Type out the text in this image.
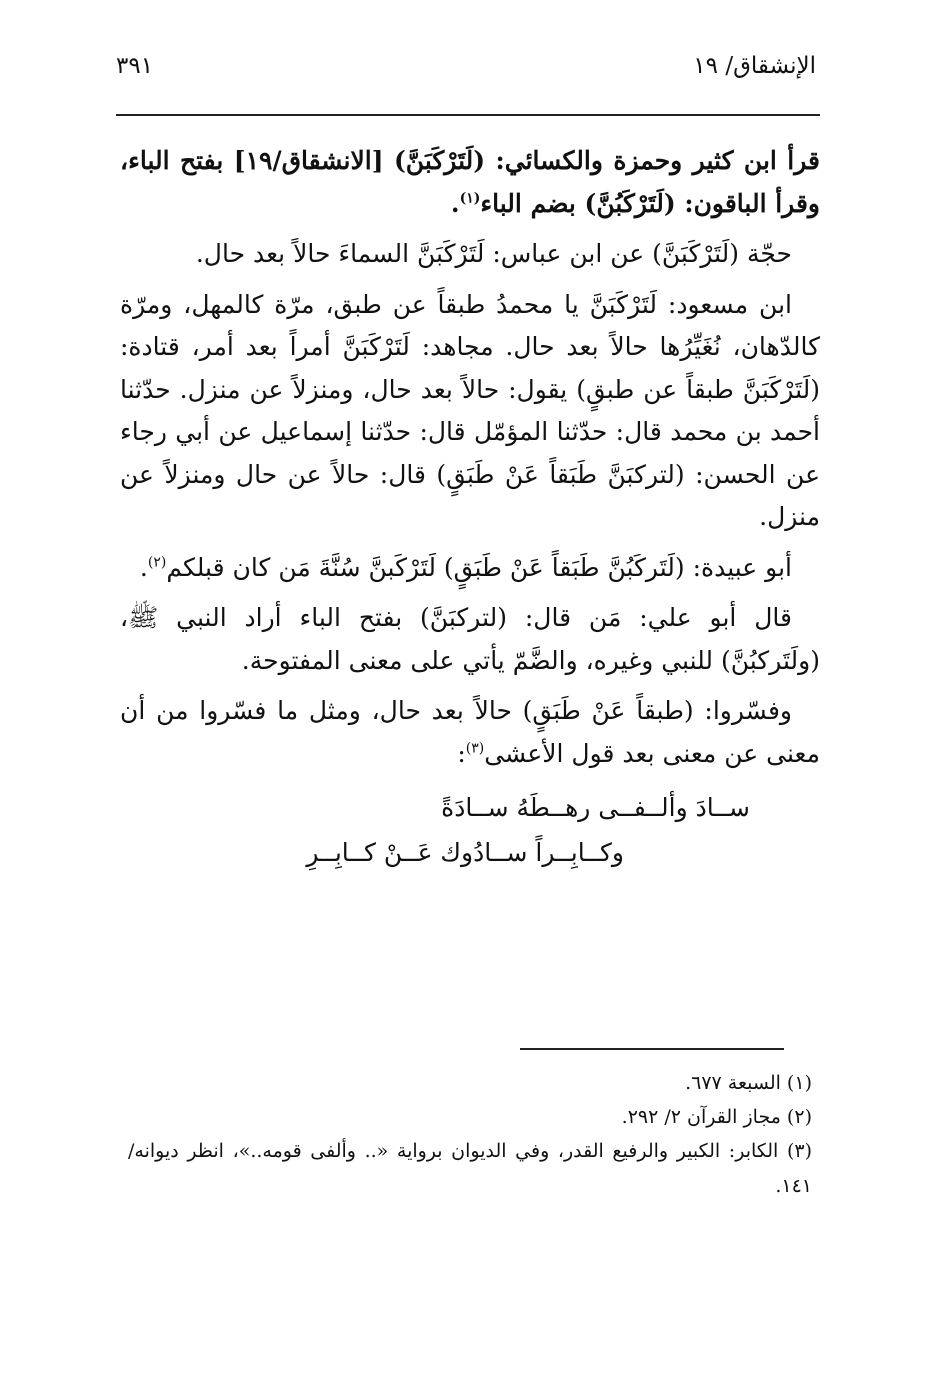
٣٩١	الإنشقاق/ ١٩

قرأ ابن كثير وحمزة والكسائي: (لَتَرْكَبَنَّ) [الانشقاق/١٩] بفتح الباء، وقرأ الباقون: (لَتَرْكَبُنَّ) بضم الباء$^{(١)}$.

حجّة (لَتَرْكَبَنَّ) عن ابن عباس: لَتَرْكَبَنَّ السماءَ حالاً بعد حال.

ابن مسعود: لَتَرْكَبَنَّ يا محمدُ طبقاً عن طبق، مرّة كالمهل، ومرّة كالدّهان، نُغَيِّرُها حالاً بعد حال. مجاهد: لَتَرْكَبَنَّ أمراً بعد أمر، قتادة: (لَتَرْكَبَنَّ طبقاً عن طبقٍ) يقول: حالاً بعد حال، ومنزلاً عن منزل. حدّثنا أحمد بن محمد قال: حدّثنا المؤمّل قال: حدّثنا إسماعيل عن أبي رجاء عن الحسن: (لتركبَنَّ طَبَقاً عَنْ طَبَقٍ) قال: حالاً عن حال ومنزلاً عن منزل.

أبو عبيدة: (لَتَركَبُنَّ طَبَقاً عَنْ طَبَقٍ) لَتَرْكَبنَّ سُنَّةَ مَن كان قبلكم$^{(٢)}$.

قال أبو علي: مَن قال: (لتركبَنَّ) بفتح الباء أراد النبي ﷺ، (ولَتَركبُنَّ) للنبي وغيره، والضَّمّ يأتي على معنى المفتوحة.

وفسّروا: (طبقاً عَنْ طَبَقٍ) حالاً بعد حال، ومثل ما فسّروا من أن معنى عن معنى بعد قول الأعشى$^{(٣)}$:

ســادَ وألــفــى رهــطَهُ ســادَةً
وكــابِــراً ســادُوك عَــنْ كــابِــرِ

(١) السبعة ٦٧٧.

(٢) مجاز القرآن ٢/ ٢٩٢.

(٣) الكابر: الكبير والرفيع القدر، وفي الديوان برواية «.. وألفى قومه..»، انظر ديوانه/ ١٤١.
